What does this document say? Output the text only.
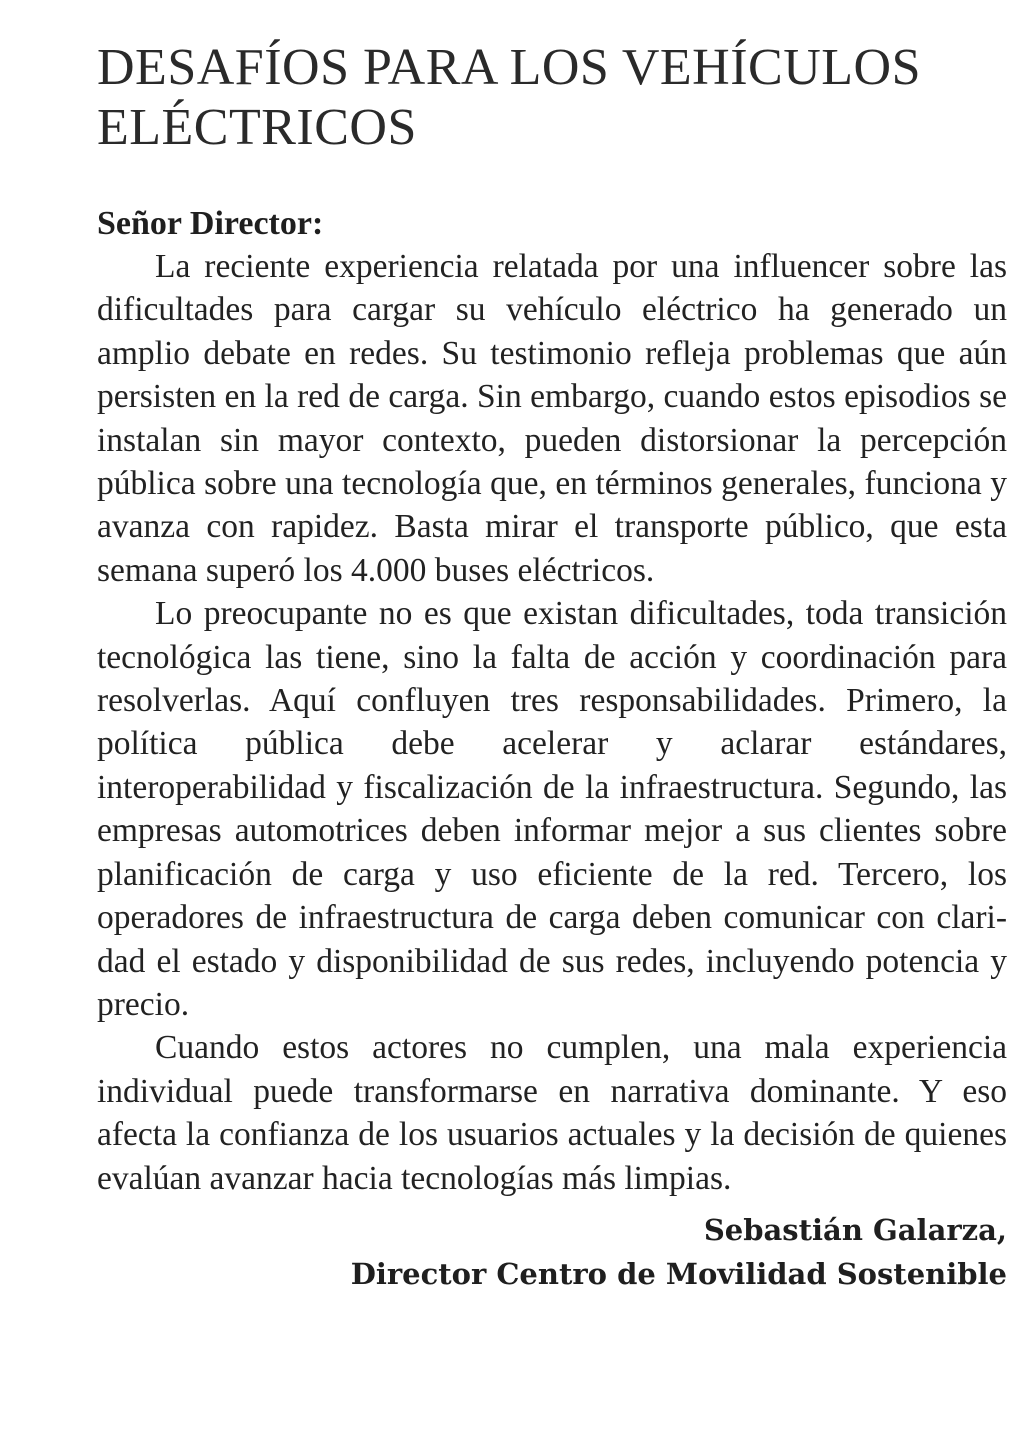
DESAFÍOS PARA LOS VEHÍCULOS ELÉCTRICOS
Señor Director:

La reciente experiencia relatada por una influencer sobre las dificultades para cargar su vehículo eléctrico ha generado un amplio debate en redes. Su testimonio refleja problemas que aún persisten en la red de carga. Sin embargo, cuando estos episodios se instalan sin mayor contexto, pueden distorsionar la percepción pública sobre una tecnología que, en términos generales, funciona y avanza con rapidez. Basta mirar el transporte público, que esta semana superó los 4.000 buses eléctricos.

Lo preocupante no es que existan dificultades, toda transición tecnológica las tiene, sino la falta de acción y coordinación para resolverlas. Aquí confluyen tres responsabilidades. Primero, la política pública debe acelerar y aclarar estándares, interoperabilidad y fiscalización de la infraestructura. Segundo, las empresas automotrices deben informar mejor a sus clientes sobre planificación de carga y uso eficiente de la red. Tercero, los operadores de infraestructura de carga deben comunicar con claridad el estado y disponibilidad de sus redes, incluyendo potencia y precio.

Cuando estos actores no cumplen, una mala experiencia individual puede transformarse en narrativa dominante. Y eso afecta la confianza de los usuarios actuales y la decisión de quienes evalúan avanzar hacia tecnologías más limpias.

Sebastián Galarza,
Director Centro de Movilidad Sostenible
